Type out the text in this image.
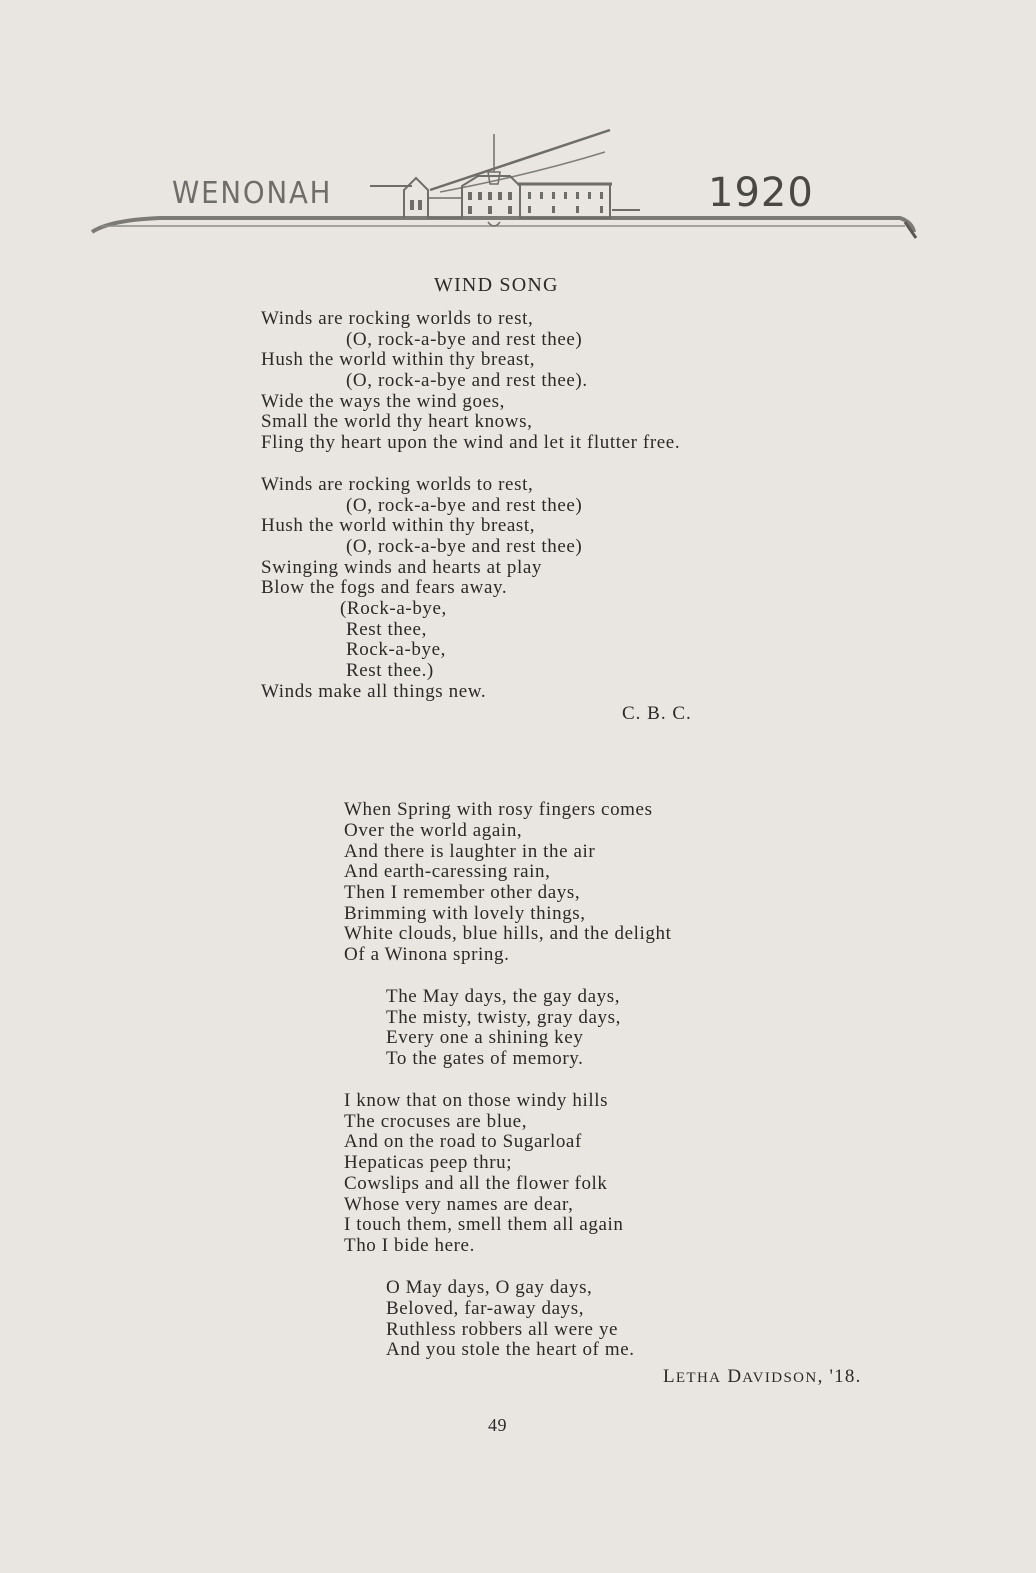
WENONAH	1920
WIND SONG
Winds are rocking worlds to rest,
(O, rock-a-bye and rest thee)
Hush the world within thy breast,
(O, rock-a-bye and rest thee).
Wide the ways the wind goes,
Small the world thy heart knows,
Fling thy heart upon the wind and let it flutter free.
Winds are rocking worlds to rest,
(O, rock-a-bye and rest thee)
Hush the world within thy breast,
(O, rock-a-bye and rest thee)
Swinging winds and hearts at play
Blow the fogs and fears away.
(Rock-a-bye,
Rest thee,
Rock-a-bye,
Rest thee.)
Winds make all things new.
C. B. C.
When Spring with rosy fingers comes
Over the world again,
And there is laughter in the air
And earth-caressing rain,
Then I remember other days,
Brimming with lovely things,
White clouds, blue hills, and the delight
Of a Winona spring.
The May days, the gay days,
The misty, twisty, gray days,
Every one a shining key
To the gates of memory.
I know that on those windy hills
The crocuses are blue,
And on the road to Sugarloaf
Hepaticas peep thru;
Cowslips and all the flower folk
Whose very names are dear,
I touch them, smell them all again
Tho I bide here.
O May days, O gay days,
Beloved, far-away days,
Ruthless robbers all were ye
And you stole the heart of me.
LETHA DAVIDSON, '18.
49
